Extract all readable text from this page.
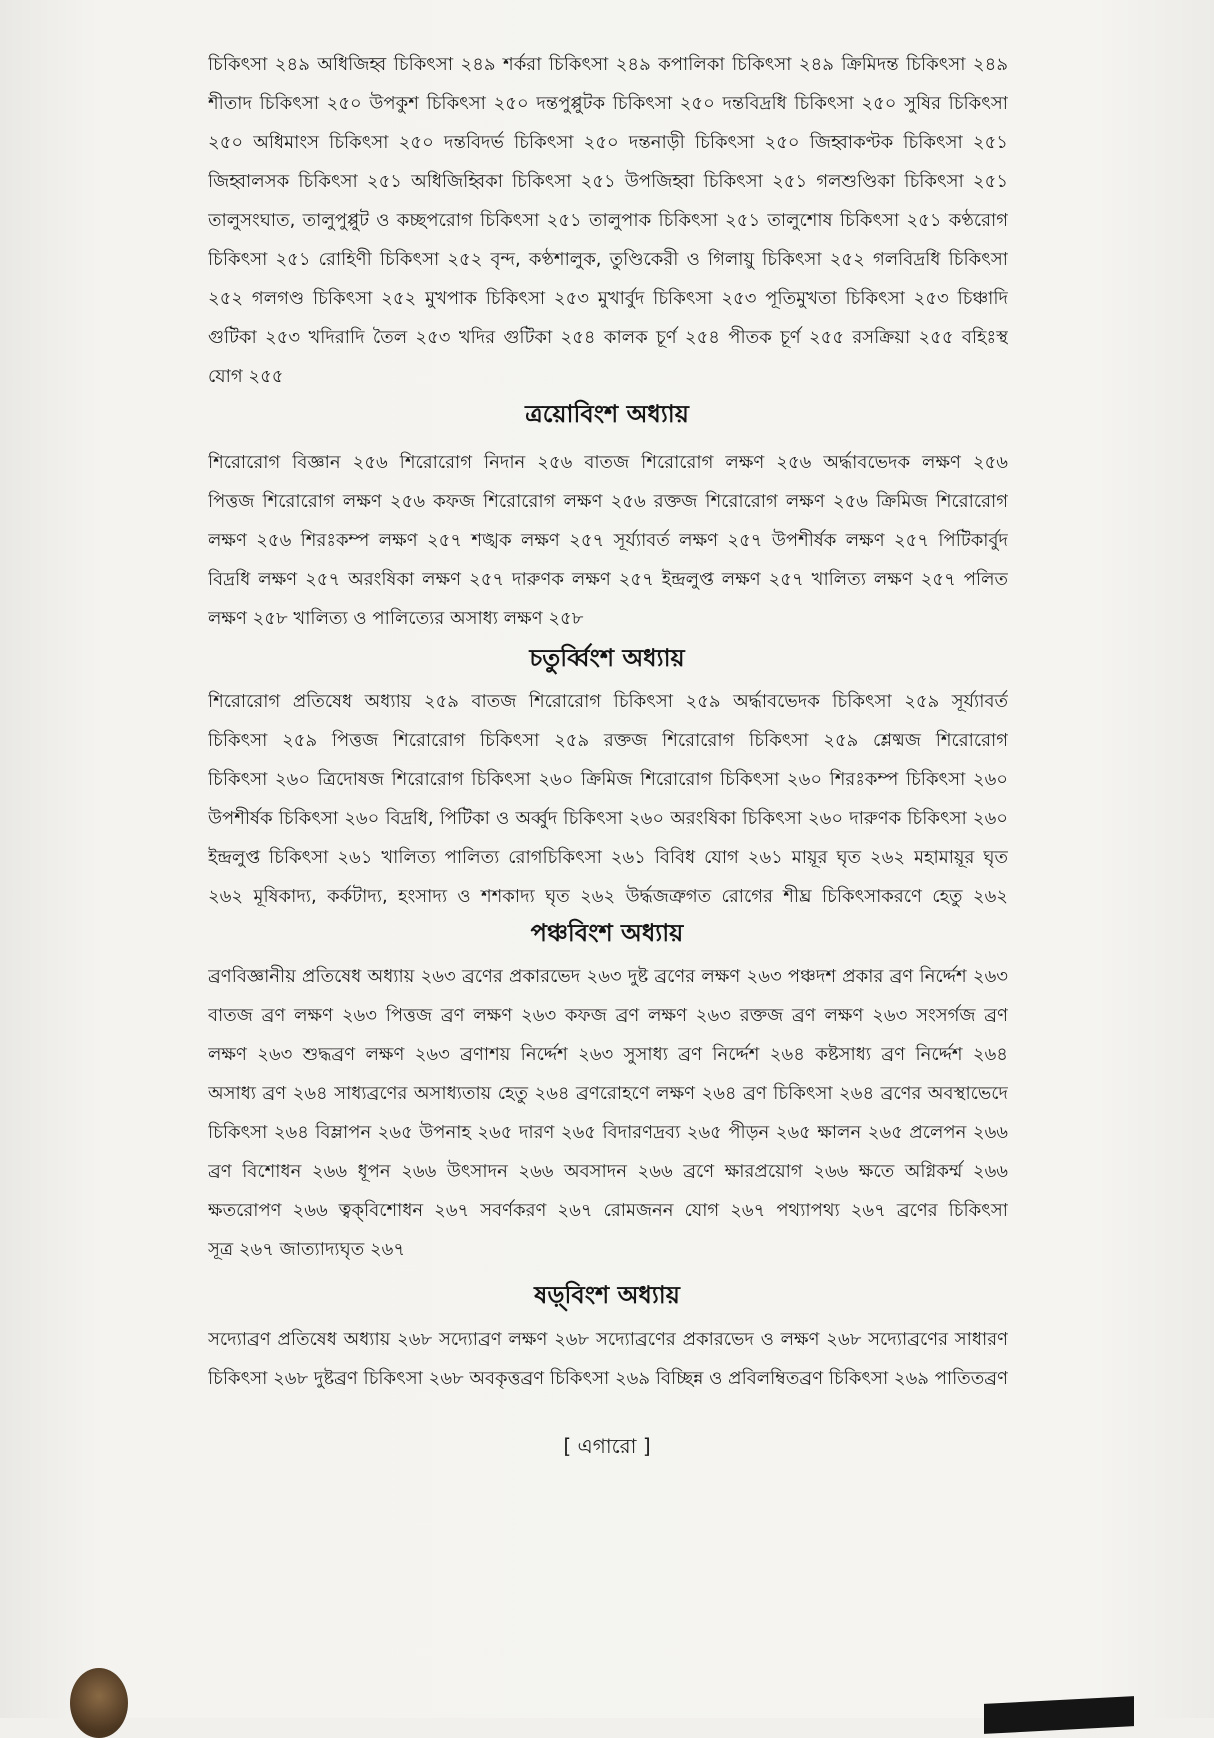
চিকিৎসা ২৪৯ অধিজিহ্ব চিকিৎসা ২৪৯ শর্করা চিকিৎসা ২৪৯ কপালিকা চিকিৎসা ২৪৯ ক্রিমিদন্ত চিকিৎসা ২৪৯
শীতাদ চিকিৎসা ২৫০ উপকুশ চিকিৎসা ২৫০ দন্তপুপ্পুটক চিকিৎসা ২৫০ দন্তবিদ্রধি চিকিৎসা ২৫০ সুষির চিকিৎসা
২৫০ অধিমাংস চিকিৎসা ২৫০ দন্তবিদর্ভ চিকিৎসা ২৫০ দন্তনাড়ী চিকিৎসা ২৫০ জিহ্বাকণ্টক চিকিৎসা ২৫১
জিহ্বালসক চিকিৎসা ২৫১ অধিজিহ্বিকা চিকিৎসা ২৫১ উপজিহ্বা চিকিৎসা ২৫১ গলশুণ্ডিকা চিকিৎসা ২৫১
তালুসংঘাত, তালুপুপ্পুট ও কচ্ছপরোগ চিকিৎসা ২৫১ তালুপাক চিকিৎসা ২৫১ তালুশোষ চিকিৎসা ২৫১ কণ্ঠরোগ
চিকিৎসা ২৫১ রোহিণী চিকিৎসা ২৫২ বৃন্দ, কণ্ঠশালুক, তুণ্ডিকেরী ও গিলায়ু চিকিৎসা ২৫২ গলবিদ্রধি চিকিৎসা
২৫২ গলগণ্ড চিকিৎসা ২৫২ মুখপাক চিকিৎসা ২৫৩ মুখার্বুদ চিকিৎসা ২৫৩ পূতিমুখতা চিকিৎসা ২৫৩ চিঞ্চাদি
গুটিকা ২৫৩ খদিরাদি তৈল ২৫৩ খদির গুটিকা ২৫৪ কালক চূর্ণ ২৫৪ পীতক চূর্ণ ২৫৫ রসক্রিয়া ২৫৫ বহিঃস্থ
যোগ ২৫৫
ত্রয়োবিংশ অধ্যায়
শিরোরোগ বিজ্ঞান ২৫৬ শিরোরোগ নিদান ২৫৬ বাতজ শিরোরোগ লক্ষণ ২৫৬ অর্দ্ধাবভেদক লক্ষণ ২৫৬
পিত্তজ শিরোরোগ লক্ষণ ২৫৬ কফজ শিরোরোগ লক্ষণ ২৫৬ রক্তজ শিরোরোগ লক্ষণ ২৫৬ ক্রিমিজ শিরোরোগ
লক্ষণ ২৫৬ শিরঃকম্প লক্ষণ ২৫৭ শঙ্খক লক্ষণ ২৫৭ সূর্য্যাবর্ত লক্ষণ ২৫৭ উপশীর্ষক লক্ষণ ২৫৭ পিটিকার্বুদ
বিদ্রধি লক্ষণ ২৫৭ অরংষিকা লক্ষণ ২৫৭ দারুণক লক্ষণ ২৫৭ ইন্দ্রলুপ্ত লক্ষণ ২৫৭ খালিত্য লক্ষণ ২৫৭ পলিত
লক্ষণ ২৫৮ খালিত্য ও পালিত্যের অসাধ্য লক্ষণ ২৫৮
চতুর্ব্বিংশ অধ্যায়
শিরোরোগ প্রতিষেধ অধ্যায় ২৫৯ বাতজ শিরোরোগ চিকিৎসা ২৫৯ অর্দ্ধাবভেদক চিকিৎসা ২৫৯ সূর্য্যাবর্ত
চিকিৎসা ২৫৯ পিত্তজ শিরোরোগ চিকিৎসা ২৫৯ রক্তজ শিরোরোগ চিকিৎসা ২৫৯ শ্লেষ্মজ শিরোরোগ
চিকিৎসা ২৬০ ত্রিদোষজ শিরোরোগ চিকিৎসা ২৬০ ক্রিমিজ শিরোরোগ চিকিৎসা ২৬০ শিরঃকম্প চিকিৎসা ২৬০
উপশীর্ষক চিকিৎসা ২৬০ বিদ্রধি, পিটিকা ও অর্ব্বুদ চিকিৎসা ২৬০ অরংষিকা চিকিৎসা ২৬০ দারুণক চিকিৎসা ২৬০
ইন্দ্রলুপ্ত চিকিৎসা ২৬১ খালিত্য পালিত্য রোগচিকিৎসা ২৬১ বিবিধ যোগ ২৬১ মায়ূর ঘৃত ২৬২ মহামায়ূর ঘৃত
২৬২ মূষিকাদ্য, কর্কটাদ্য, হংসাদ্য ও শশকাদ্য ঘৃত ২৬২ উর্দ্ধজত্রুগত রোগের শীঘ্র চিকিৎসাকরণে হেতু ২৬২
পঞ্চবিংশ অধ্যায়
ব্রণবিজ্ঞানীয় প্রতিষেধ অধ্যায় ২৬৩ ব্রণের প্রকারভেদ ২৬৩ দুষ্ট ব্রণের লক্ষণ ২৬৩ পঞ্চদশ প্রকার ব্রণ নির্দ্দেশ ২৬৩
বাতজ ব্রণ লক্ষণ ২৬৩ পিত্তজ ব্রণ লক্ষণ ২৬৩ কফজ ব্রণ লক্ষণ ২৬৩ রক্তজ ব্রণ লক্ষণ ২৬৩ সংসর্গজ ব্রণ
লক্ষণ ২৬৩ শুদ্ধব্রণ লক্ষণ ২৬৩ ব্রণাশয় নির্দ্দেশ ২৬৩ সুসাধ্য ব্রণ নির্দ্দেশ ২৬৪ কষ্টসাধ্য ব্রণ নির্দ্দেশ ২৬৪
অসাধ্য ব্রণ ২৬৪ সাধ্যব্রণের অসাধ্যতায় হেতু ২৬৪ ব্রণরোহণে লক্ষণ ২৬৪ ব্রণ চিকিৎসা ২৬৪ ব্রণের অবস্থাভেদে
চিকিৎসা ২৬৪ বিম্লাপন ২৬৫ উপনাহ ২৬৫ দারণ ২৬৫ বিদারণদ্রব্য ২৬৫ পীড়ন ২৬৫ ক্ষালন ২৬৫ প্রলেপন ২৬৬
ব্রণ বিশোধন ২৬৬ ধূপন ২৬৬ উৎসাদন ২৬৬ অবসাদন ২৬৬ ব্রণে ক্ষারপ্রয়োগ ২৬৬ ক্ষতে অগ্নিকর্ম্ম ২৬৬
ক্ষতরোপণ ২৬৬ ত্বক্‌বিশোধন ২৬৭ সবর্ণকরণ ২৬৭ রোমজনন যোগ ২৬৭ পথ্যাপথ্য ২৬৭ ব্রণের চিকিৎসা
সূত্র ২৬৭ জাত্যাদ্যঘৃত ২৬৭
ষড়্‌বিংশ অধ্যায়
সদ্যোব্রণ প্রতিষেধ অধ্যায় ২৬৮ সদ্যোব্রণ লক্ষণ ২৬৮ সদ্যোব্রণের প্রকারভেদ ও লক্ষণ ২৬৮ সদ্যোব্রণের সাধারণ
চিকিৎসা ২৬৮ দুষ্টব্রণ চিকিৎসা ২৬৮ অবকৃত্তব্রণ চিকিৎসা ২৬৯ বিচ্ছিন্ন ও প্রবিলম্বিতব্রণ চিকিৎসা ২৬৯ পাতিতব্রণ
[ এগারো ]
